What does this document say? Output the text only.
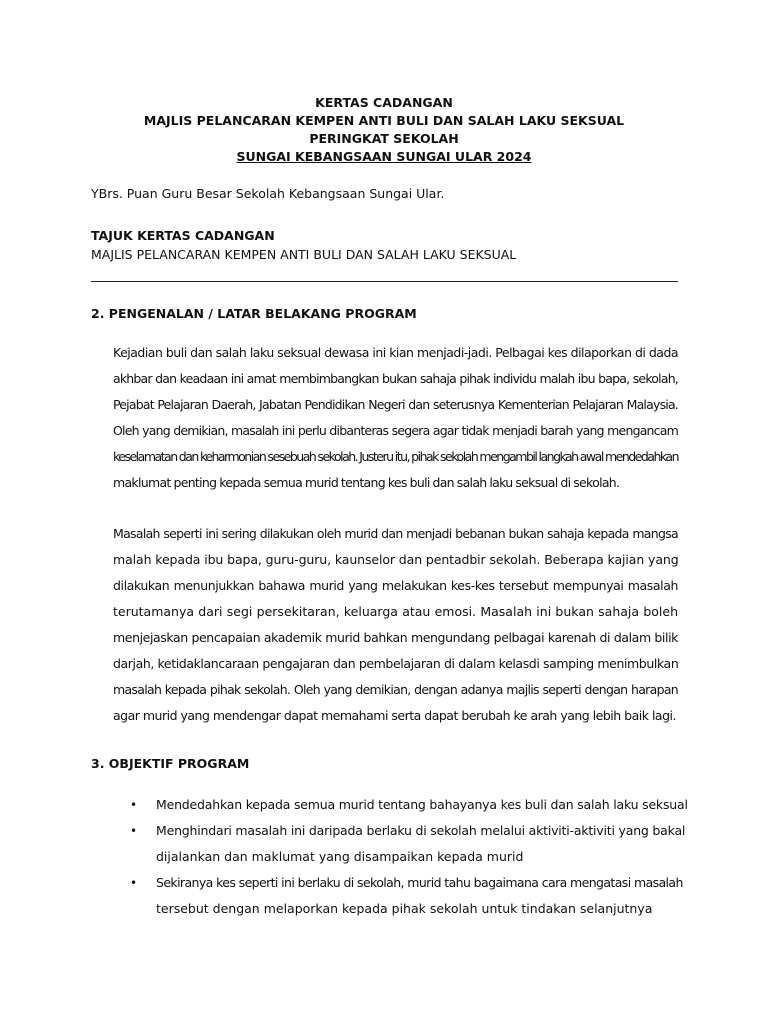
KERTAS CADANGAN
MAJLIS PELANCARAN KEMPEN ANTI BULI DAN SALAH LAKU SEKSUAL
PERINGKAT SEKOLAH
SUNGAI KEBANGSAAN SUNGAI ULAR 2024
YBrs. Puan Guru Besar Sekolah Kebangsaan Sungai Ular.
TAJUK KERTAS CADANGAN
MAJLIS PELANCARAN KEMPEN ANTI BULI DAN SALAH LAKU SEKSUAL
2. PENGENALAN / LATAR BELAKANG PROGRAM
Kejadian buli dan salah laku seksual dewasa ini kian menjadi-jadi. Pelbagai kes dilaporkan di dada
akhbar dan keadaan ini amat membimbangkan bukan sahaja pihak individu malah ibu bapa, sekolah,
Pejabat Pelajaran Daerah, Jabatan Pendidikan Negeri dan seterusnya Kementerian Pelajaran Malaysia.
Oleh yang demikian, masalah ini perlu dibanteras segera agar tidak menjadi barah yang mengancam
keselamatan dan keharmonian sesebuah sekolah. Justeru itu, pihak sekolah mengambil langkah awal mendedahkan
maklumat penting kepada semua murid tentang kes buli dan salah laku seksual di sekolah.
Masalah seperti ini sering dilakukan oleh murid dan menjadi bebanan bukan sahaja kepada mangsa
malah kepada ibu bapa, guru-guru, kaunselor dan pentadbir sekolah. Beberapa kajian yang
dilakukan menunjukkan bahawa murid yang melakukan kes-kes tersebut mempunyai masalah
terutamanya dari segi persekitaran, keluarga atau emosi. Masalah ini bukan sahaja boleh
menjejaskan pencapaian akademik murid bahkan mengundang pelbagai karenah di dalam bilik
darjah, ketidaklancaraan pengajaran dan pembelajaran di dalam kelasdi samping menimbulkan
masalah kepada pihak sekolah. Oleh yang demikian, dengan adanya majlis seperti dengan harapan
agar murid yang mendengar dapat memahami serta dapat berubah ke arah yang lebih baik lagi.
3. OBJEKTIF PROGRAM
• Mendedahkan kepada semua murid tentang bahayanya kes buli dan salah laku seksual
• Menghindari masalah ini daripada berlaku di sekolah melalui aktiviti-aktiviti yang bakal
dijalankan dan maklumat yang disampaikan kepada murid
• Sekiranya kes seperti ini berlaku di sekolah, murid tahu bagaimana cara mengatasi masalah
tersebut dengan melaporkan kepada pihak sekolah untuk tindakan selanjutnya
